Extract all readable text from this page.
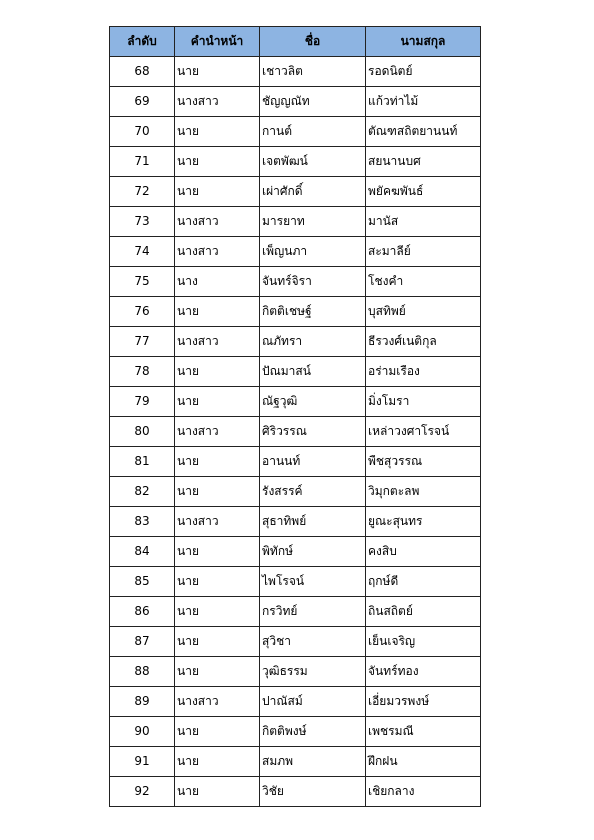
ลำดับ	คำนำหน้า	ชื่อ	นามสกุล
68	นาย	เชาวลิต	รอดนิตย์
69	นางสาว	ชัญญณัท	แก้วท่าไม้
70	นาย	กานต์	ตัณฑสถิตยานนท์
71	นาย	เจตพัฒน์	สยนานบศ
72	นาย	เผ่าศักดิ์	พยัคฆพันธ์
73	นางสาว	มารยาท	มานัส
74	นางสาว	เพ็ญนภา	สะมาลีย์
75	นาง	จันทร์จิรา	โชงคำ
76	นาย	กิตติเชษฐ์	บุสทิพย์
77	นางสาว	ณภัทรา	ธีรวงศ์เนติกุล
78	นาย	ปัณมาสน์	อร่ามเรือง
79	นาย	ณัฐวุฒิ	มิ่งโมรา
80	นางสาว	ศิริวรรณ	เหล่าวงศาโรจน์
81	นาย	อานนท์	พืชสุวรรณ
82	นาย	รังสรรค์	วิมุกตะลพ
83	นางสาว	สุธาทิพย์	ยูณะสุนทร
84	นาย	พิทักษ์	คงสิบ
85	นาย	ไพโรจน์	ฤกษ์ดี
86	นาย	กรวิทย์	ถินสถิตย์
87	นาย	สุวิชา	เย็นเจริญ
88	นาย	วุฒิธรรม	จันทร์ทอง
89	นางสาว	ปาณัสม์	เอี่ยมวรพงษ์
90	นาย	กิตติพงษ์	เพชรมณี
91	นาย	สมภพ	ฝึกฝน
92	นาย	วิชัย	เชิยกลาง
